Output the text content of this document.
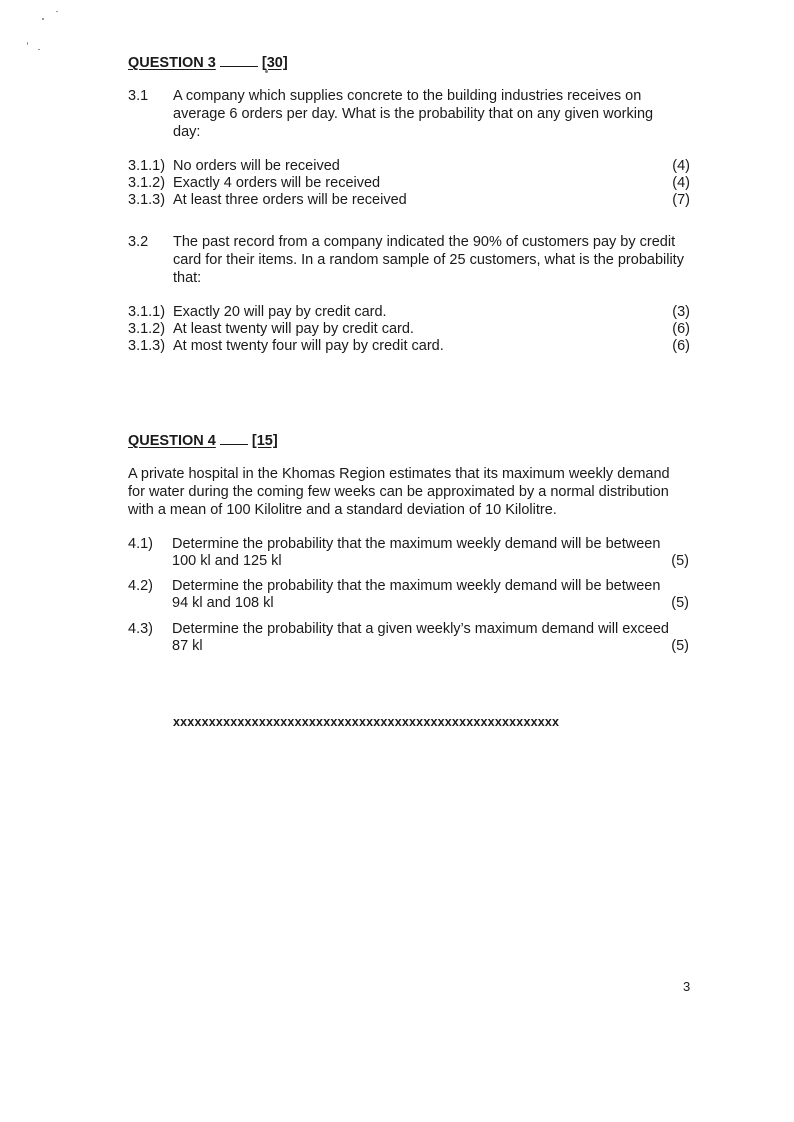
QUESTION 3	[30]
3.1 A company which supplies concrete to the building industries receives on
average 6 orders per day. What is the probability that on any given working
day:
3.1.1) No orders will be received	(4)
3.1.2) Exactly 4 orders will be received	(4)
3.1.3) At least three orders will be received	(7)
3.2 The past record from a company indicated the 90% of customers pay by credit
card for their items. In a random sample of 25 customers, what is the probability
that:
3.1.1) Exactly 20 will pay by credit card.	(3)
3.1.2) At least twenty will pay by credit card.	(6)
3.1.3) At most twenty four will pay by credit card.	(6)
QUESTION 4 [15]
A private hospital in the Khomas Region estimates that its maximum weekly demand
for water during the coming few weeks can be approximated by a normal distribution
with a mean of 100 Kilolitre and a standard deviation of 10 Kilolitre.
4.1) Determine the probability that the maximum weekly demand will be between
100 kl and 125 kl	(5)
4.2) Determine the probability that the maximum weekly demand will be between
94 kl and 108 kl	(5)
4.3) Determine the probability that a given weekly’s maximum demand will exceed
87 kl	(5)
xxxxxxxxxxxxxxxxxxxxxxxxxxxxxxxxxxxxxxxxxxxxxxxxxxxxxx
3
